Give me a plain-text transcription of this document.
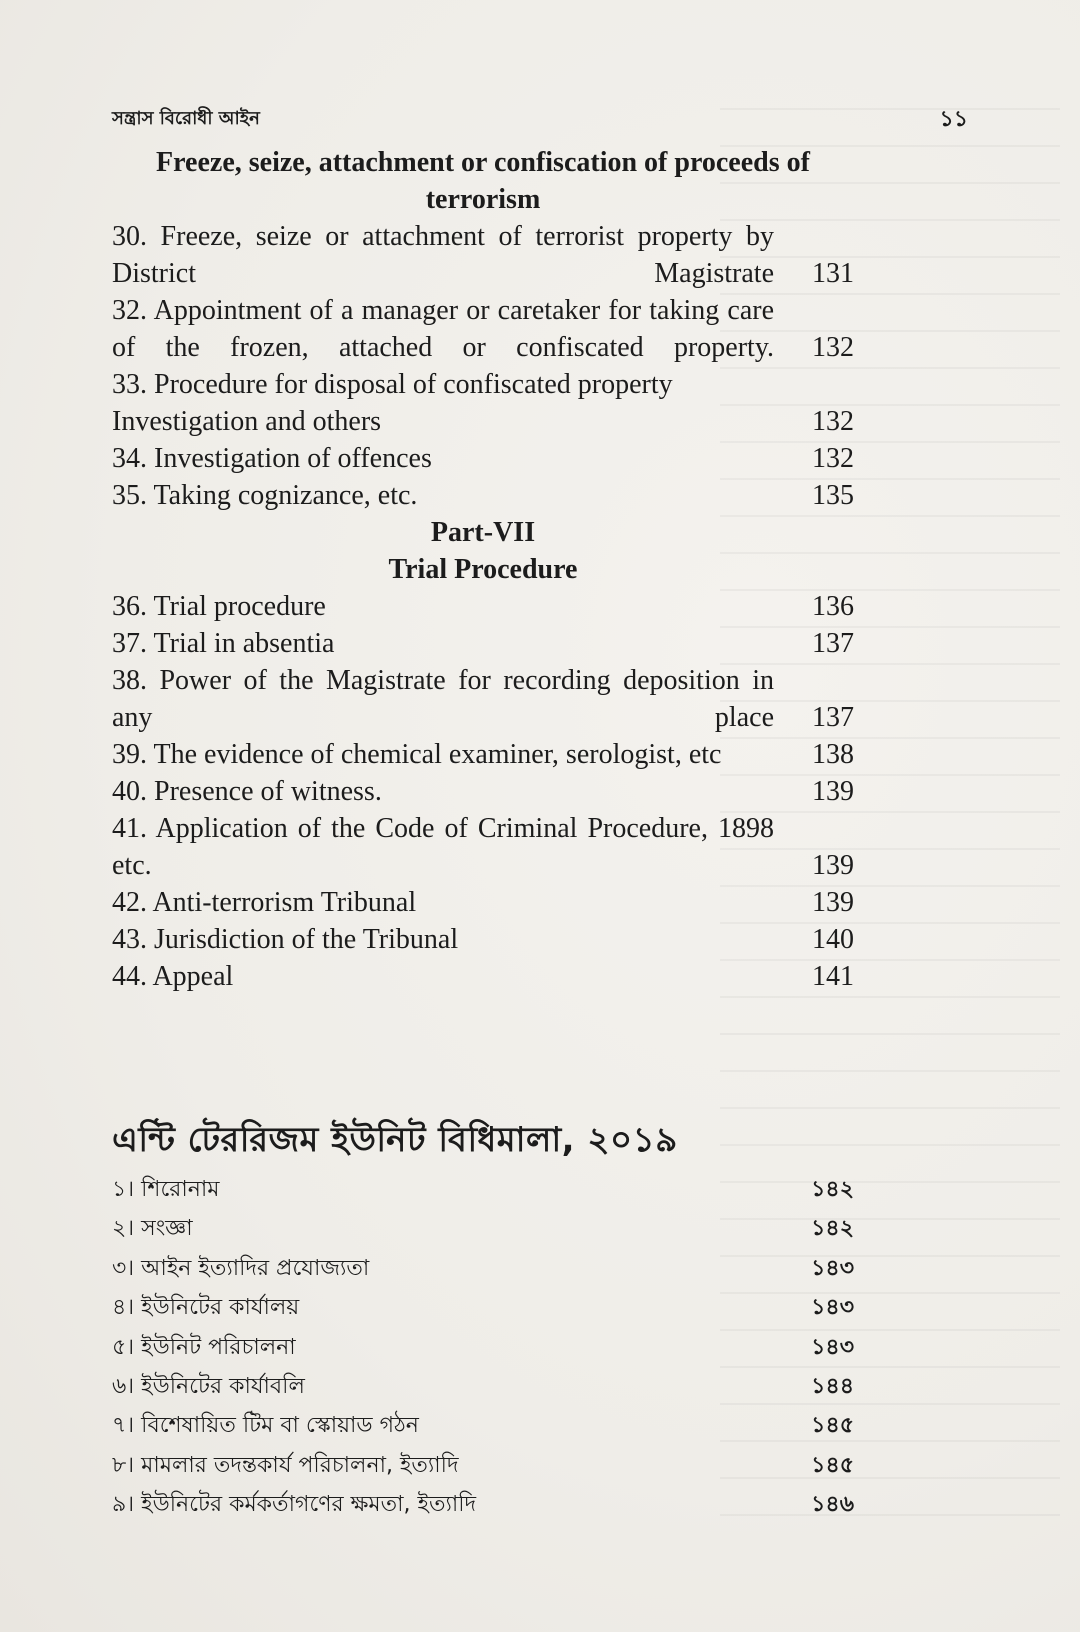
সন্ত্রাস বিরোধী আইন	১১
Freeze, seize, attachment or confiscation of proceeds of terrorism
30. Freeze, seize or attachment of terrorist property by District Magistrate	131
32. Appointment of a manager or caretaker for taking care of the frozen, attached or confiscated property.	132
33. Procedure for disposal of confiscated property Investigation and others	132
34. Investigation of offences	132
35. Taking cognizance, etc.	135
Part-VII
Trial Procedure
36. Trial procedure	136
37. Trial in absentia	137
38. Power of the Magistrate for recording deposition in any place	137
39. The evidence of chemical examiner, serologist, etc	138
40. Presence of witness.	139
41. Application of the Code of Criminal Procedure, 1898 etc.	139
42. Anti-terrorism Tribunal	139
43. Jurisdiction of the Tribunal	140
44. Appeal	141
এন্টি টেররিজম ইউনিট বিধিমালা, ২০১৯
১। শিরোনাম	১৪২
২। সংজ্ঞা	১৪২
৩। আইন ইত্যাদির প্রযোজ্যতা	১৪৩
৪। ইউনিটের কার্যালয়	১৪৩
৫। ইউনিট পরিচালনা	১৪৩
৬। ইউনিটের কার্যাবলি	১৪৪
৭। বিশেষায়িত টিম বা স্কোয়াড গঠন	১৪৫
৮। মামলার তদন্তকার্য পরিচালনা, ইত্যাদি	১৪৫
৯। ইউনিটের কর্মকর্তাগণের ক্ষমতা, ইত্যাদি	১৪৬
